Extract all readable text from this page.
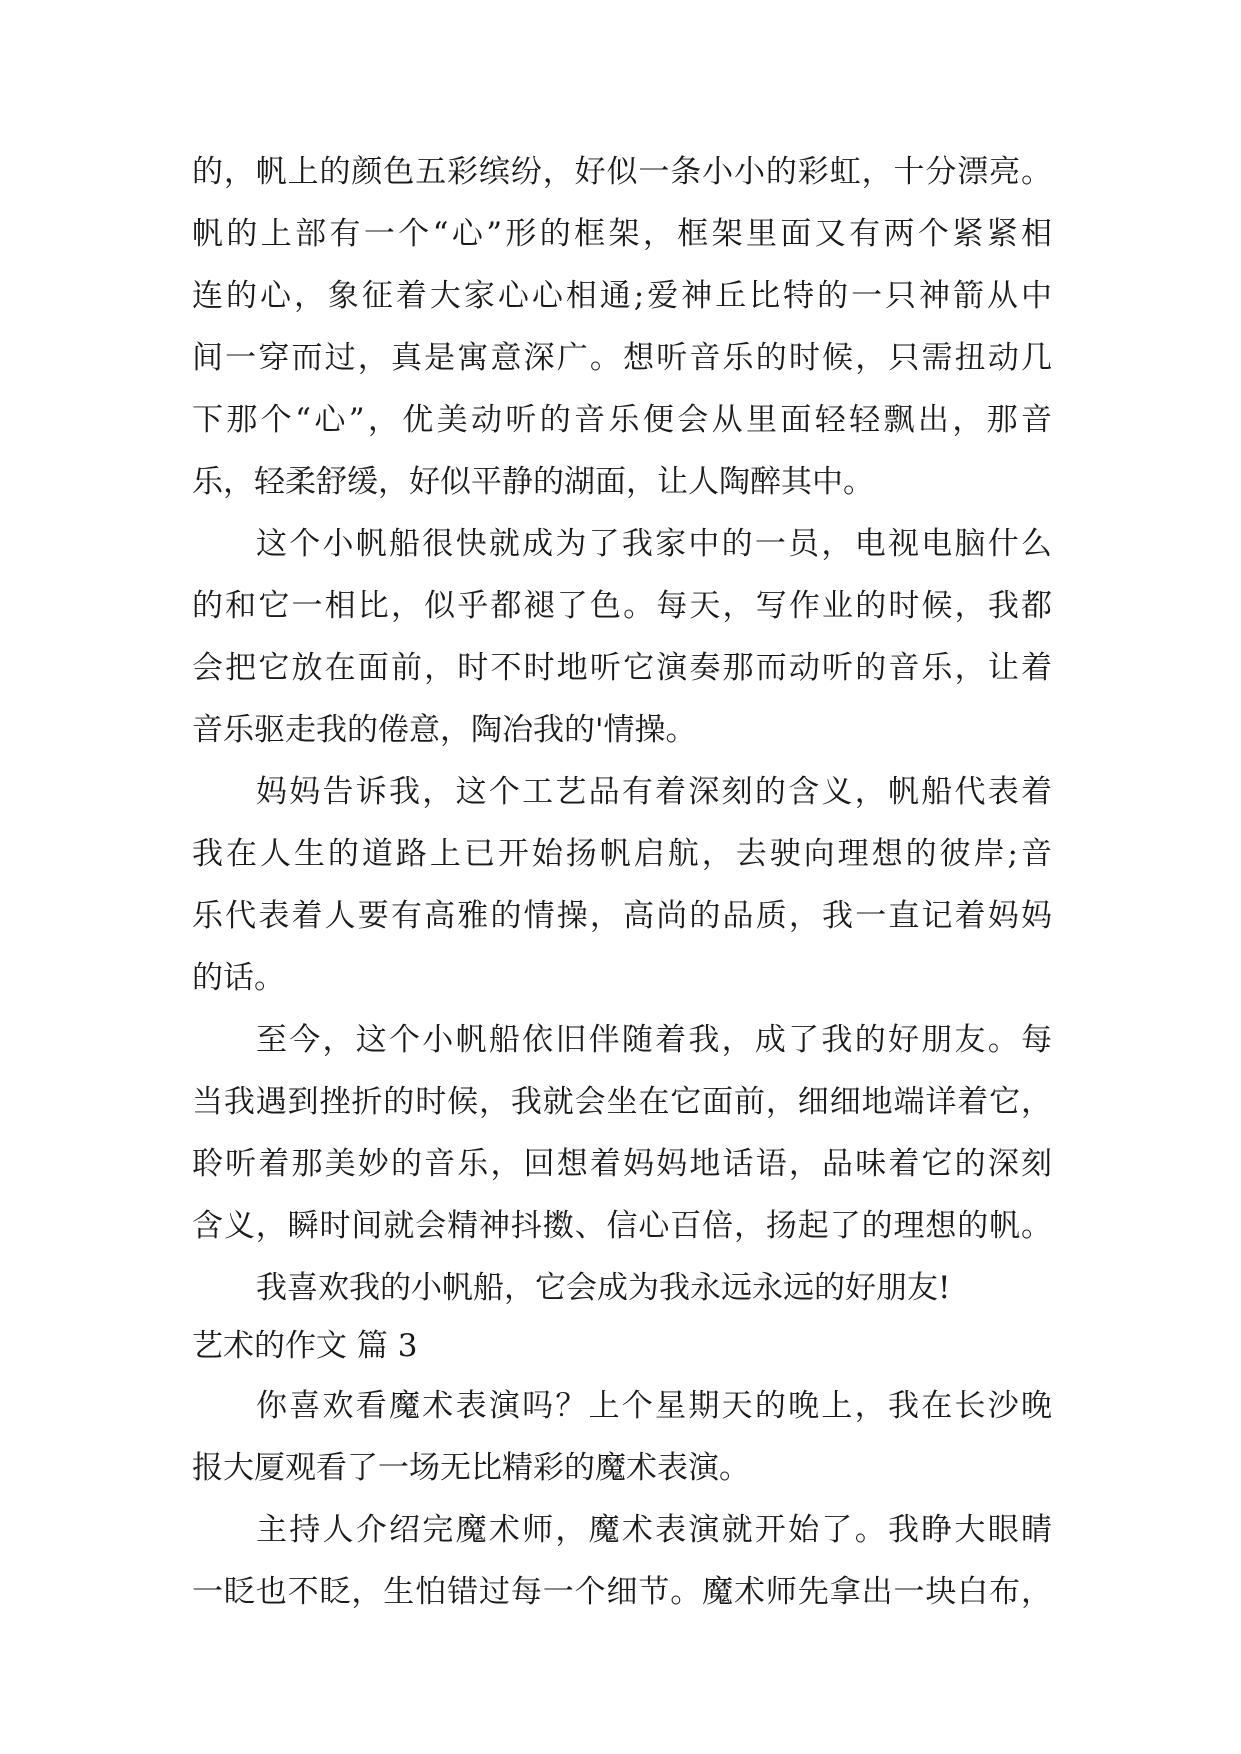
的，帆上的颜色五彩缤纷，好似一条小小的彩虹，十分漂亮。
帆的上部有一个“心”形的框架，框架里面又有两个紧紧相
连的心，象征着大家心心相通;爱神丘比特的一只神箭从中
间一穿而过，真是寓意深广。想听音乐的时候，只需扭动几
下那个“心”，优美动听的音乐便会从里面轻轻飘出，那音
乐，轻柔舒缓，好似平静的湖面，让人陶醉其中。
这个小帆船很快就成为了我家中的一员，电视电脑什么
的和它一相比，似乎都褪了色。每天，写作业的时候，我都
会把它放在面前，时不时地听它演奏那而动听的音乐，让着
音乐驱走我的倦意，陶冶我的'情操。
妈妈告诉我，这个工艺品有着深刻的含义，帆船代表着
我在人生的道路上已开始扬帆启航，去驶向理想的彼岸;音
乐代表着人要有高雅的情操，高尚的品质，我一直记着妈妈
的话。
至今，这个小帆船依旧伴随着我，成了我的好朋友。每
当我遇到挫折的时候，我就会坐在它面前，细细地端详着它，
聆听着那美妙的音乐，回想着妈妈地话语，品味着它的深刻
含义，瞬时间就会精神抖擞、信心百倍，扬起了的理想的帆。
我喜欢我的小帆船，它会成为我永远永远的好朋友!
艺术的作文 篇 3
你喜欢看魔术表演吗？上个星期天的晚上，我在长沙晚
报大厦观看了一场无比精彩的魔术表演。
主持人介绍完魔术师，魔术表演就开始了。我睁大眼睛
一眨也不眨，生怕错过每一个细节。魔术师先拿出一块白布，
